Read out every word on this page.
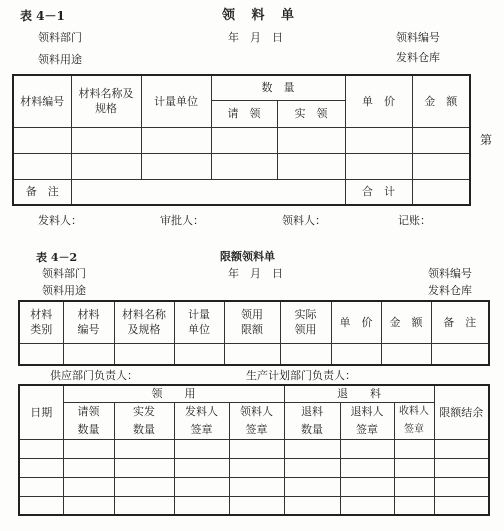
表 4－1	领 料 单
领料部门	年　月　日	领料编号
领料用途	发料仓库
材料编号	材料名称及规格	计量单位	数　量		单　价	金　额
			请　领	实　领		

备　注					合　计	
第
发料人：	审批人：	领料人：	记账：
表 4－2	限额领料单
领料部门	年　月　日	领料编号
领料用途	发料仓库
材料类别	材料编号	材料名称及规格	计量单位	领用限额	实际领用	单　价	金　额	备　注

供应部门负责人：	生产计划部门负责人：
日期	领　　用				退　　料			限额结余
	请领数量	实发数量	发料人签章	领料人签章	退料数量	退料人签章	收料人签章	
